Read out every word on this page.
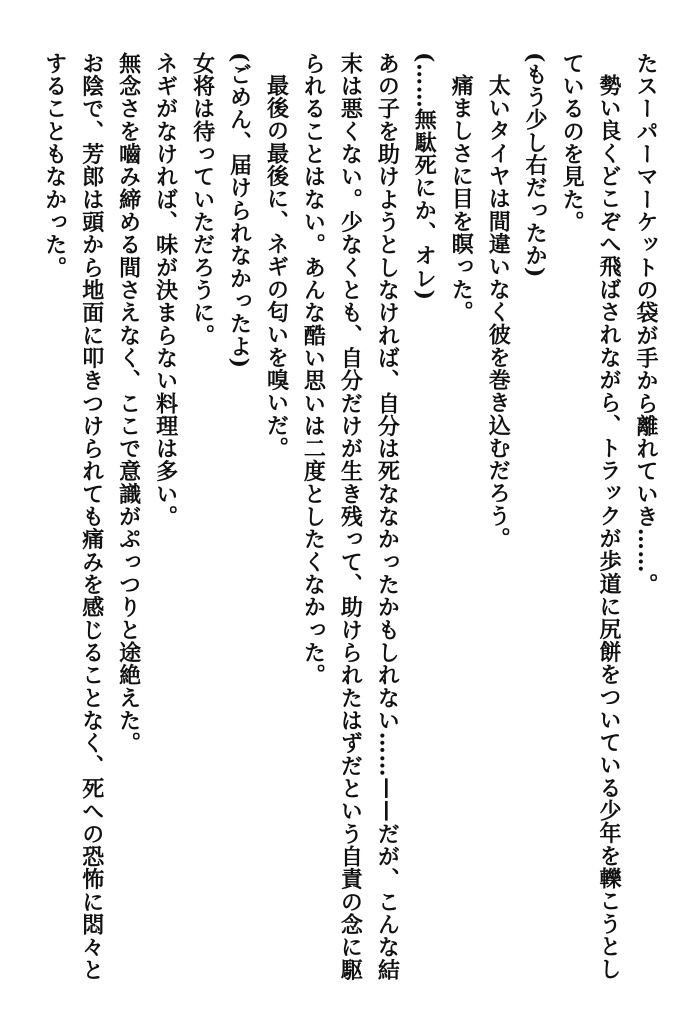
たスーパーマーケットの袋が手から離れていき……。

勢い良くどこぞへ飛ばされながら、トラックが歩道に尻餅をついている少年を轢こうとしているのを見た。

(もう少し右だったか)

太いタイヤは間違いなく彼を巻き込むだろう。

痛ましさに目を瞑った。

(……無駄死にか、オレ)

あの子を助けようとしなければ、自分は死ななかったかもしれない……——だが、こんな結末は悪くない。少なくとも、自分だけが生き残って、助けられたはずだという自責の念に駆られることはない。あんな酷い思いは二度としたくなかった。

最後の最後に、ネギの匂いを嗅いだ。

(ごめん、届けられなかったよ)

女将は待っていただろうに。

ネギがなければ、味が決まらない料理は多い。

無念さを嚙み締める間さえなく、ここで意識がぷっつりと途絶えた。

お陰で、芳郎は頭から地面に叩きつけられても痛みを感じることなく、死への恐怖に悶々とすることもなかった。
